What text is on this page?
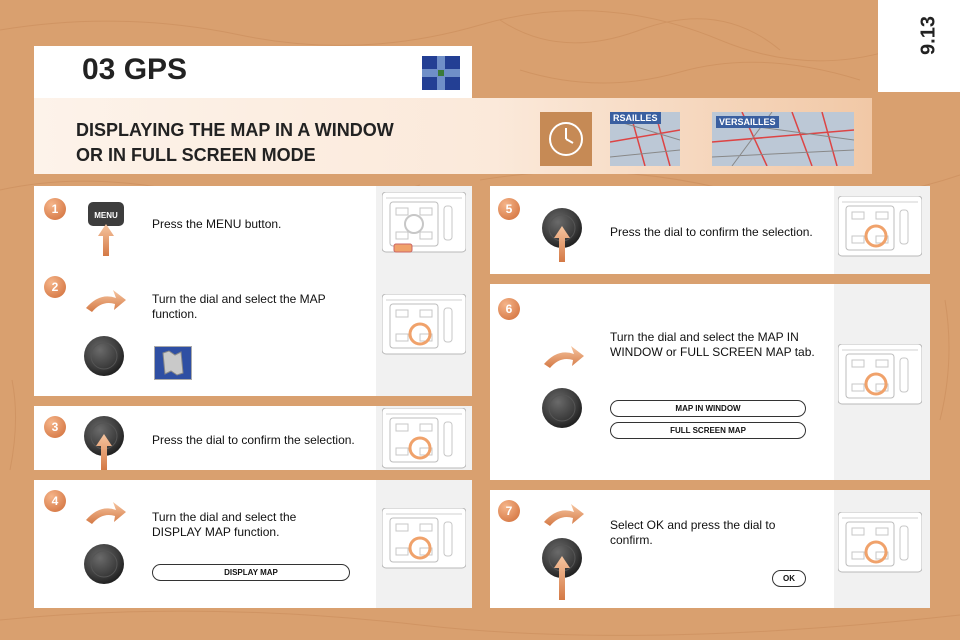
9.13
03 GPS
DISPLAYING THE MAP IN A WINDOW
OR IN FULL SCREEN MODE
RSAILLES	VERSAILLES
MENU
Press the MENU button.
1
Turn the dial and select the MAP
function.
2
Press the dial to confirm the selection.
3
Turn the dial and select the
DISPLAY MAP function.
DISPLAY MAP
4
Press the dial to confirm the selection.
5
Turn the dial and select the MAP IN
WINDOW or FULL SCREEN MAP tab.
MAP IN WINDOW
FULL SCREEN MAP
6
Select OK and press the dial to
confirm.
OK
7
